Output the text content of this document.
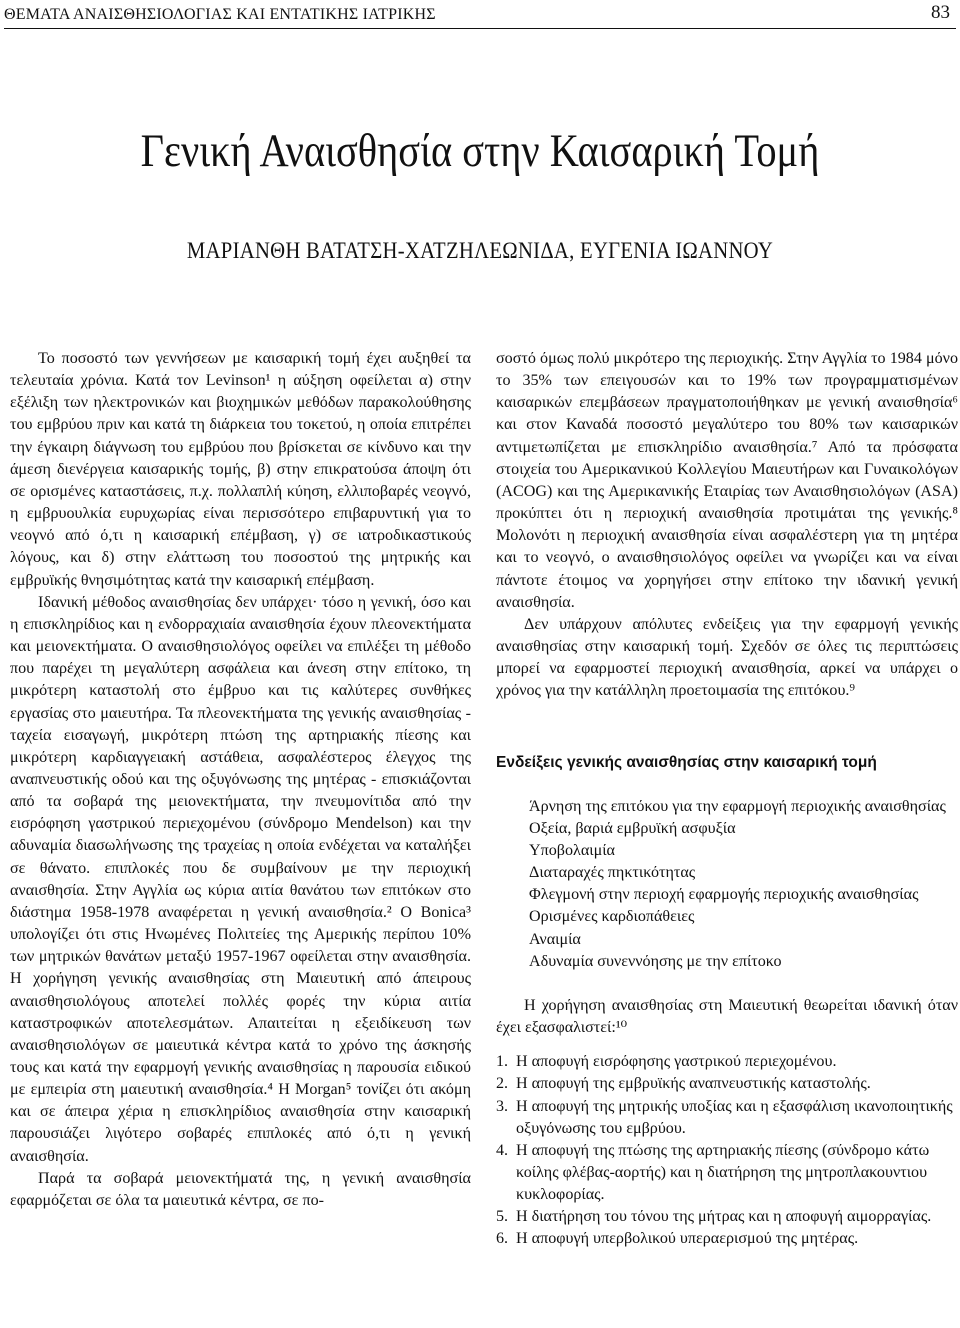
ΘΕΜΑΤΑ ΑΝΑΙΣΘΗΣΙΟΛΟΓΙΑΣ ΚΑΙ ΕΝΤΑΤΙΚΗΣ ΙΑΤΡΙΚΗΣ	83
Γενική Αναισθησία στην Καισαρική Τομή
ΜΑΡΙΑΝΘΗ ΒΑΤΑΤΣΗ-ΧΑΤΖΗΛΕΩΝΙΔΑ, ΕΥΓΕΝΙΑ ΙΩΑΝΝΟΥ

Το ποσοστό των γεννήσεων με καισαρική τομή έχει αυξηθεί τα τελευταία χρόνια. Κατά τον Levinson¹ η αύξηση οφείλεται α) στην εξέλιξη των ηλεκτρονικών και βιοχημικών μεθόδων παρακολούθησης του εμβρύου πριν και κατά τη διάρκεια του τοκετού, η οποία επιτρέπει την έγκαιρη διάγνωση του εμβρύου που βρίσκεται σε κίνδυνο και την άμεση διενέργεια καισαρικής τομής, β) στην επικρατούσα άποψη ότι σε ορισμένες καταστάσεις, π.χ. πολλαπλή κύηση, ελλιποβαρές νεογνό, η εμβρυουλκία ευρυχωρίας είναι περισσότερο επιβαρυντική για το νεογνό από ό,τι η καισαρική επέμβαση, γ) σε ιατροδικαστικούς λόγους, και δ) στην ελάττωση του ποσοστού της μητρικής και εμβρυϊκής θνησιμότητας κατά την καισαρική επέμβαση.

Ιδανική μέθοδος αναισθησίας δεν υπάρχει· τόσο η γενική, όσο και η επισκληρίδιος και η ενδορραχιαία αναισθησία έχουν πλεονεκτήματα και μειονεκτήματα. Ο αναισθησιολόγος οφείλει να επιλέξει τη μέθοδο που παρέχει τη μεγαλύτερη ασφάλεια και άνεση στην επίτοκο, τη μικρότερη καταστολή στο έμβρυο και τις καλύτερες συνθήκες εργασίας στο μαιευτήρα. Τα πλεονεκτήματα της γενικής αναισθησίας - ταχεία εισαγωγή, μικρότερη πτώση της αρτηριακής πίεσης και μικρότερη καρδιαγγειακή αστάθεια, ασφαλέστερος έλεγχος της αναπνευστικής οδού και της οξυγόνωσης της μητέρας - επισκιάζονται από τα σοβαρά της μειονεκτήματα, την πνευμονίτιδα από την εισρόφηση γαστρικού περιεχομένου (σύνδρομο Mendelson) και την αδυναμία διασωλήνωσης της τραχείας η οποία ενδέχεται να καταλήξει σε θάνατο. επιπλοκές που δε συμβαίνουν με την περιοχική αναισθησία. Στην Αγγλία ως κύρια αιτία θανάτου των επιτόκων στο διάστημα 1958-1978 αναφέρεται η γενική αναισθησία.² Ο Bonica³ υπολογίζει ότι στις Ηνωμένες Πολιτείες της Αμερικής περίπου 10% των μητρικών θανάτων μεταξύ 1957-1967 οφείλεται στην αναισθησία. Η χορήγηση γενικής αναισθησίας στη Μαιευτική από άπειρους αναισθησιολόγους αποτελεί πολλές φορές την κύρια αιτία καταστροφικών αποτελεσμάτων. Απαιτείται η εξειδίκευση των αναισθησιολόγων σε μαιευτικά κέντρα κατά το χρόνο της άσκησής τους και κατά την εφαρμογή γενικής αναισθησίας η παρουσία ειδικού με εμπειρία στη μαιευτική αναισθησία.⁴ Η Morgan⁵ τονίζει ότι ακόμη και σε άπειρα χέρια η επισκληρίδιος αναισθησία στην καισαρική παρουσιάζει λιγότερο σοβαρές επιπλοκές από ό,τι η γενική αναισθησία.

Παρά τα σοβαρά μειονεκτήματά της, η γενική αναισθησία εφαρμόζεται σε όλα τα μαιευτικά κέντρα, σε πο-

σοστό όμως πολύ μικρότερο της περιοχικής. Στην Αγγλία το 1984 μόνο το 35% των επειγουσών και το 19% των προγραμματισμένων καισαρικών επεμβάσεων πραγματοποιήθηκαν με γενική αναισθησία⁶ και στον Καναδά ποσοστό μεγαλύτερο του 80% των καισαρικών αντιμετωπίζεται με επισκληρίδιο αναισθησία.⁷ Από τα πρόσφατα στοιχεία του Αμερικανικού Κολλεγίου Μαιευτήρων και Γυναικολόγων (ACOG) και της Αμερικανικής Εταιρίας των Αναισθησιολόγων (ASA) προκύπτει ότι η περιοχική αναισθησία προτιμάται της γενικής.⁸ Μολονότι η περιοχική αναισθησία είναι ασφαλέστερη για τη μητέρα και το νεογνό, ο αναισθησιολόγος οφείλει να γνωρίζει και να είναι πάντοτε έτοιμος να χορηγήσει στην επίτοκο την ιδανική γενική αναισθησία.

Δεν υπάρχουν απόλυτες ενδείξεις για την εφαρμογή γενικής αναισθησίας στην καισαρική τομή. Σχεδόν σε όλες τις περιπτώσεις μπορεί να εφαρμοστεί περιοχική αναισθησία, αρκεί να υπάρχει ο χρόνος για την κατάλληλη προετοιμασία της επιτόκου.⁹

Ενδείξεις γενικής αναισθησίας στην καισαρική τομή
Άρνηση της επιτόκου για την εφαρμογή περιοχικής αναισθησίας
Οξεία, βαριά εμβρυϊκή ασφυξία
Υποβολαιμία
Διαταραχές πηκτικότητας
Φλεγμονή στην περιοχή εφαρμογής περιοχικής αναισθησίας
Ορισμένες καρδιοπάθειες
Αναιμία
Αδυναμία συνεννόησης με την επίτοκο

Η χορήγηση αναισθησίας στη Μαιευτική θεωρείται ιδανική όταν έχει εξασφαλιστεί:¹⁰

1. Η αποφυγή εισρόφησης γαστρικού περιεχομένου.
2. Η αποφυγή της εμβρυϊκής αναπνευστικής καταστολής.
3. Η αποφυγή της μητρικής υποξίας και η εξασφάλιση ικανοποιητικής οξυγόνωσης του εμβρύου.
4. Η αποφυγή της πτώσης της αρτηριακής πίεσης (σύνδρομο κάτω κοίλης φλέβας-αορτής) και η διατήρηση της μητροπλακουντιου κυκλοφορίας.
5. Η διατήρηση του τόνου της μήτρας και η αποφυγή αιμορραγίας.
6. Η αποφυγή υπερβολικού υπεραερισμού της μητέρας.
